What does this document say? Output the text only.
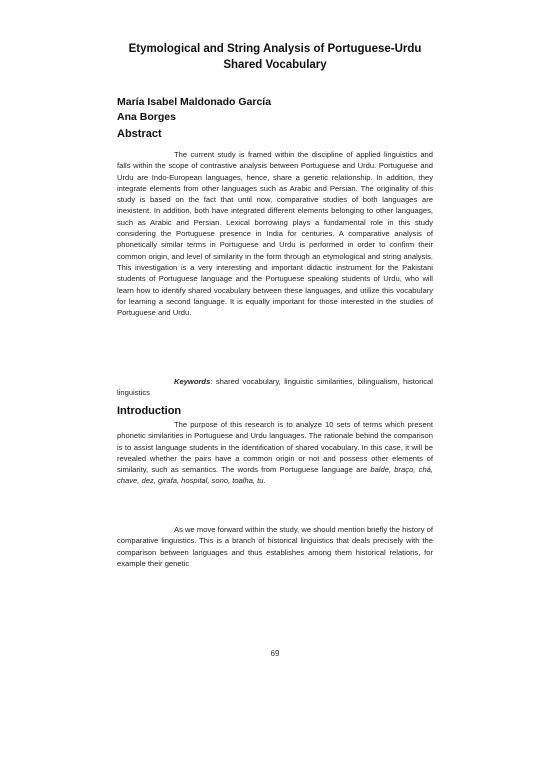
Etymological and String Analysis of Portuguese-Urdu
Shared Vocabulary
María Isabel Maldonado García
Ana Borges
Abstract

The current study is framed within the discipline of applied linguistics and falls within the scope of contrastive analysis between Portuguese and Urdu. Portuguese and Urdu are Indo-European languages, hence, share a genetic relationship. In addition, they integrate elements from other languages such as Arabic and Persian. The originality of this study is based on the fact that until now, comparative studies of both languages are inexistent. In addition, both have integrated different elements belonging to other languages, such as Arabic and Persian. Lexical borrowing plays a fundamental role in this study considering the Portuguese presence in India for centuries. A comparative analysis of phonetically similar terms in Portuguese and Urdu is performed in order to confirm their common origin, and level of similarity in the form through an etymological and string analysis. This investigation is a very interesting and important didactic instrument for the Pakistani students of Portuguese language and the Portuguese speaking students of Urdu, who will learn how to identify shared vocabulary between these languages, and utilize this vocabulary for learning a second language. It is equally important for those interested in the studies of Portuguese and Urdu.

Keywords: shared vocabulary, linguistic similarities, bilingualism, historical linguistics
Introduction

The purpose of this research is to analyze 10 sets of terms which present phonetic similarities in Portuguese and Urdu languages. The rationale behind the comparison is to assist language students in the identification of shared vocabulary. In this case, it will be revealed whether the pairs have a common origin or not and possess other elements of similarity, such as semantics. The words from Portuguese language are balde, braço, chá, chave, dez, girafa, hospital, sono, toalha, tu.

As we move forward within the study, we should mention briefly the history of comparative linguistics. This is a branch of historical linguistics that deals precisely with the comparison between languages and thus establishes among them historical relations, for example their genetic

69
